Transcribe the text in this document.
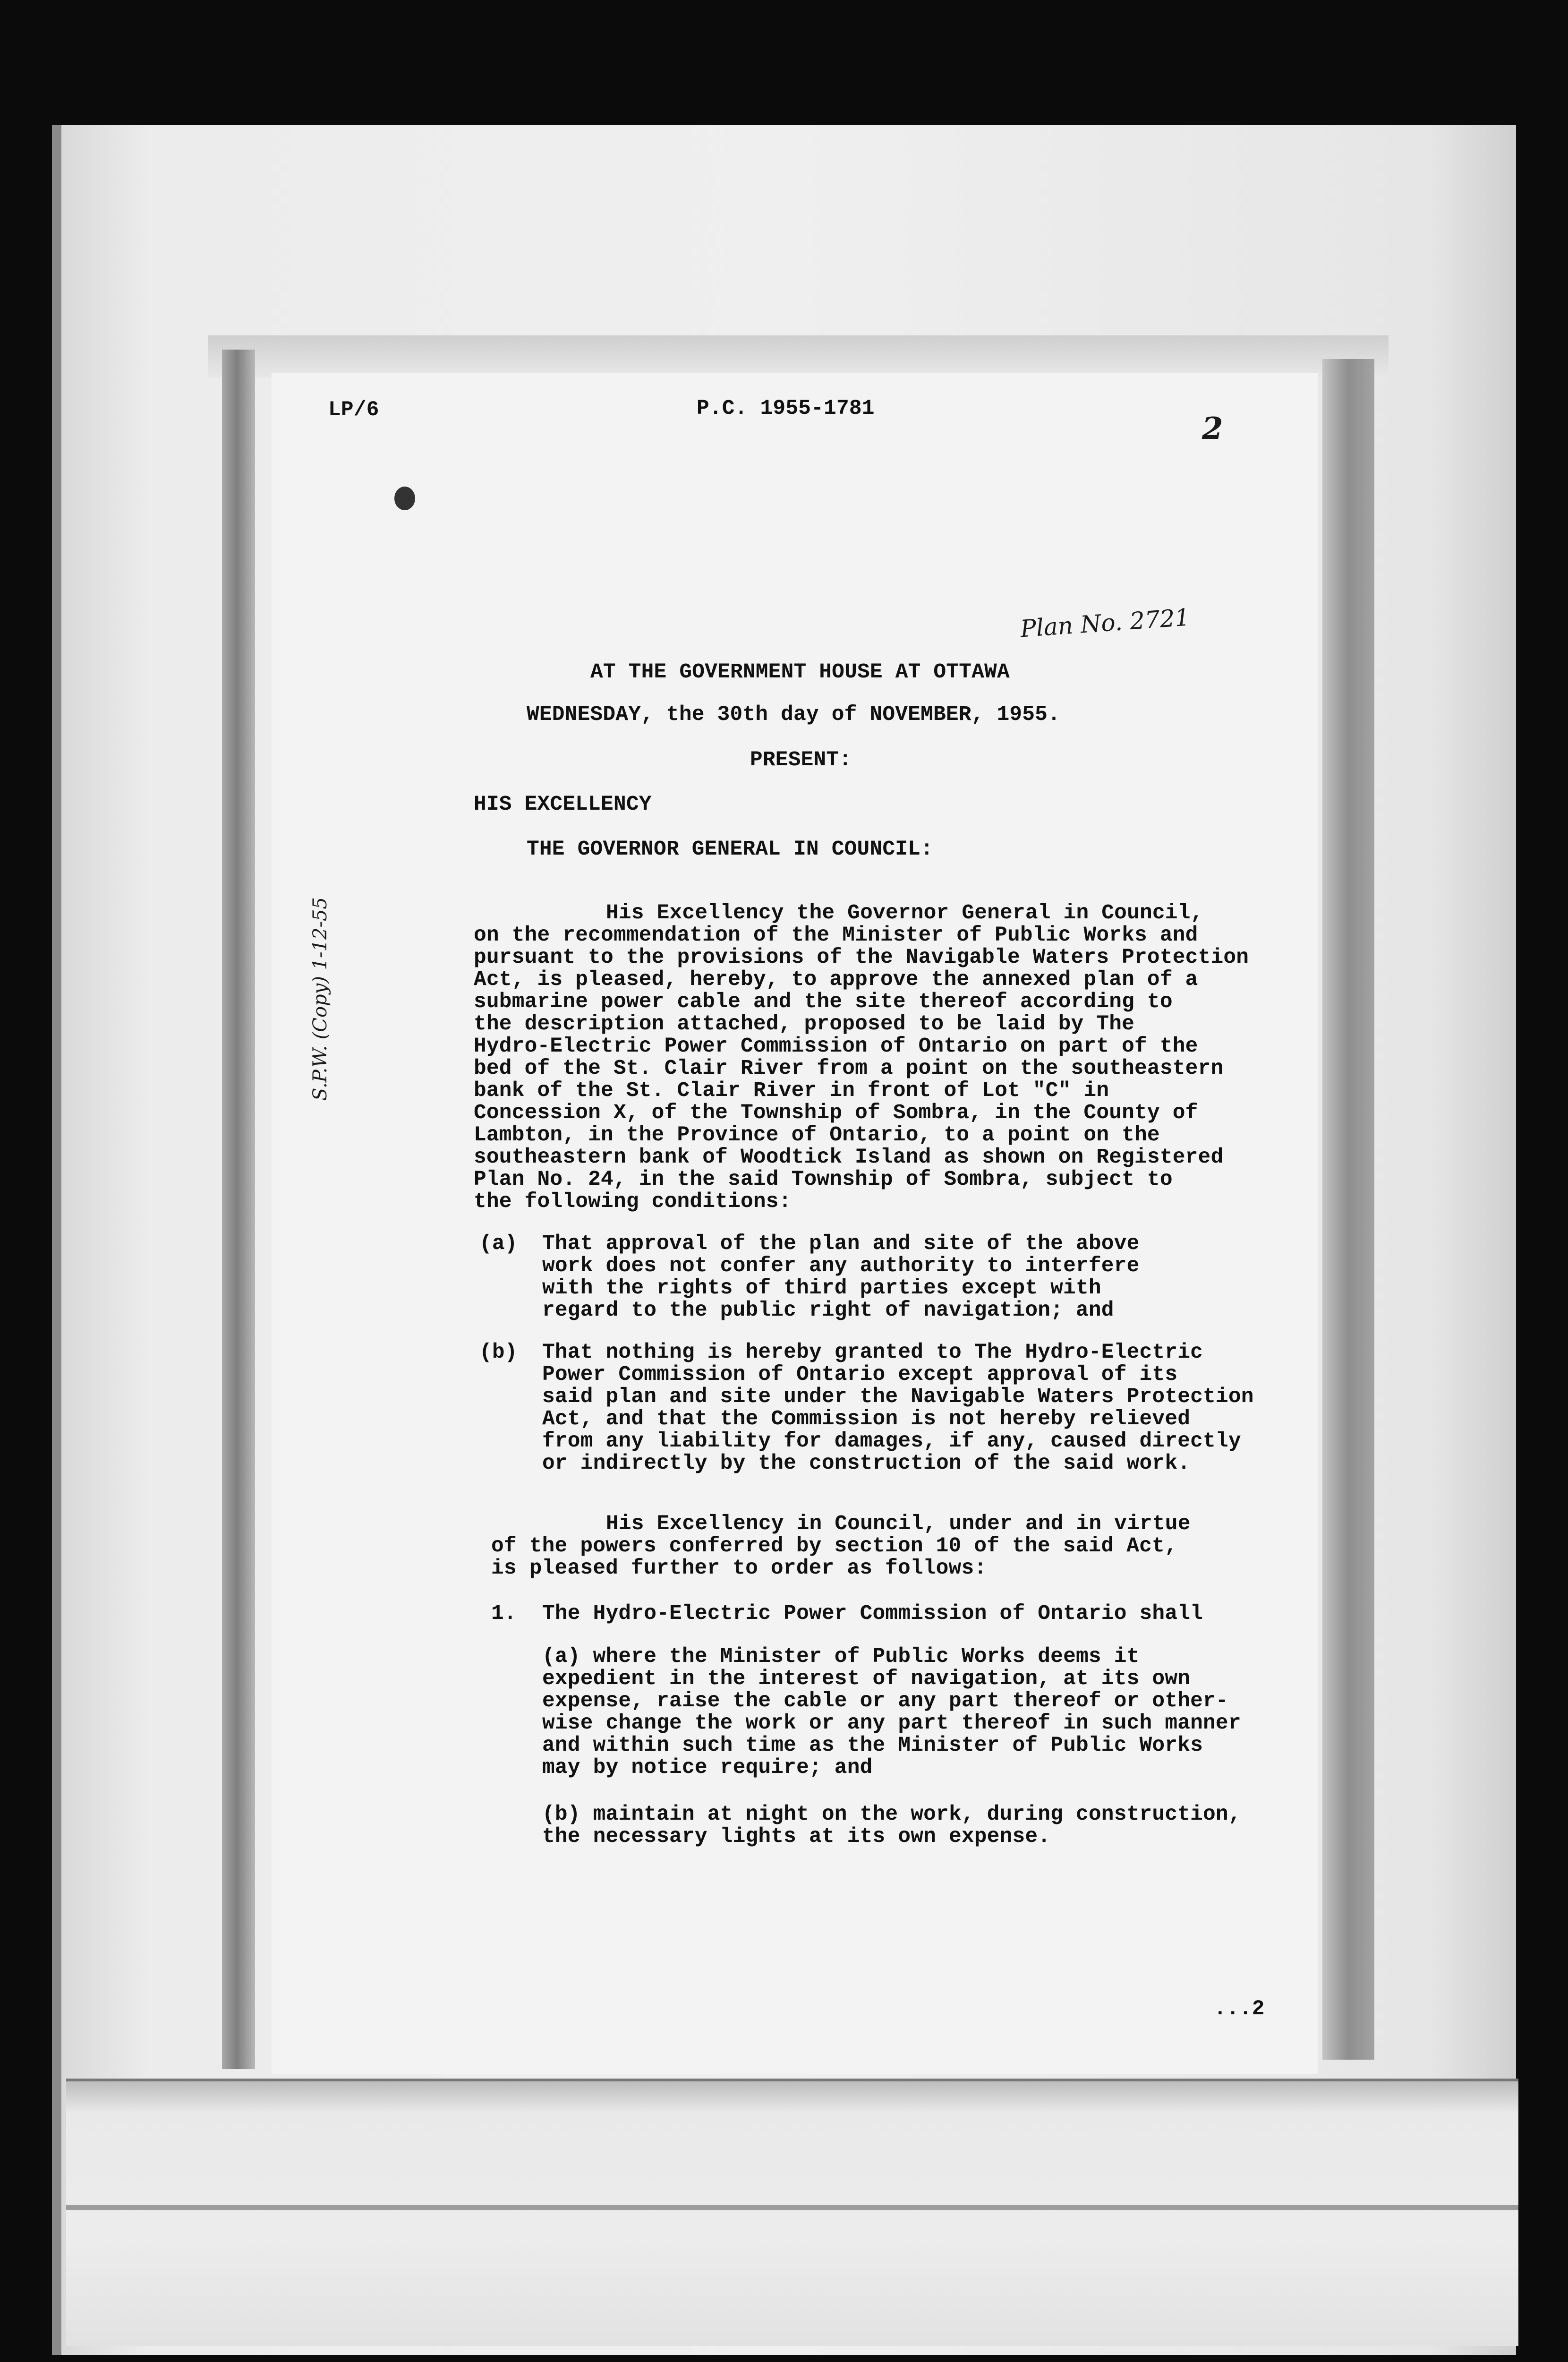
LP/6	P.C. 1955-1781

2

Plan No. 2721

S.P.W. (Copy) 1-12-55

AT THE GOVERNMENT HOUSE AT OTTAWA

WEDNESDAY, the 30th day of NOVEMBER, 1955.

PRESENT:

HIS EXCELLENCY

THE GOVERNOR GENERAL IN COUNCIL:

His Excellency the Governor General in Council,

on the recommendation of the Minister of Public Works and

pursuant to the provisions of the Navigable Waters Protection

Act, is pleased, hereby, to approve the annexed plan of a

submarine power cable and the site thereof according to

the description attached, proposed to be laid by The

Hydro-Electric Power Commission of Ontario on part of the

bed of the St. Clair River from a point on the southeastern

bank of the St. Clair River in front of Lot "C" in

Concession X, of the Township of Sombra, in the County of

Lambton, in the Province of Ontario, to a point on the

southeastern bank of Woodtick Island as shown on Registered

Plan No. 24, in the said Township of Sombra, subject to

the following conditions:

(a) That approval of the plan and site of the above

work does not confer any authority to interfere

with the rights of third parties except with

regard to the public right of navigation; and

(b) That nothing is hereby granted to The Hydro-Electric

Power Commission of Ontario except approval of its

said plan and site under the Navigable Waters Protection

Act, and that the Commission is not hereby relieved

from any liability for damages, if any, caused directly

or indirectly by the construction of the said work.

His Excellency in Council, under and in virtue

of the powers conferred by section 10 of the said Act,

is pleased further to order as follows:

1. The Hydro-Electric Power Commission of Ontario shall

(a) where the Minister of Public Works deems it

expedient in the interest of navigation, at its own

expense, raise the cable or any part thereof or other-

wise change the work or any part thereof in such manner

and within such time as the Minister of Public Works

may by notice require; and

(b) maintain at night on the work, during construction,

the necessary lights at its own expense.

...2
